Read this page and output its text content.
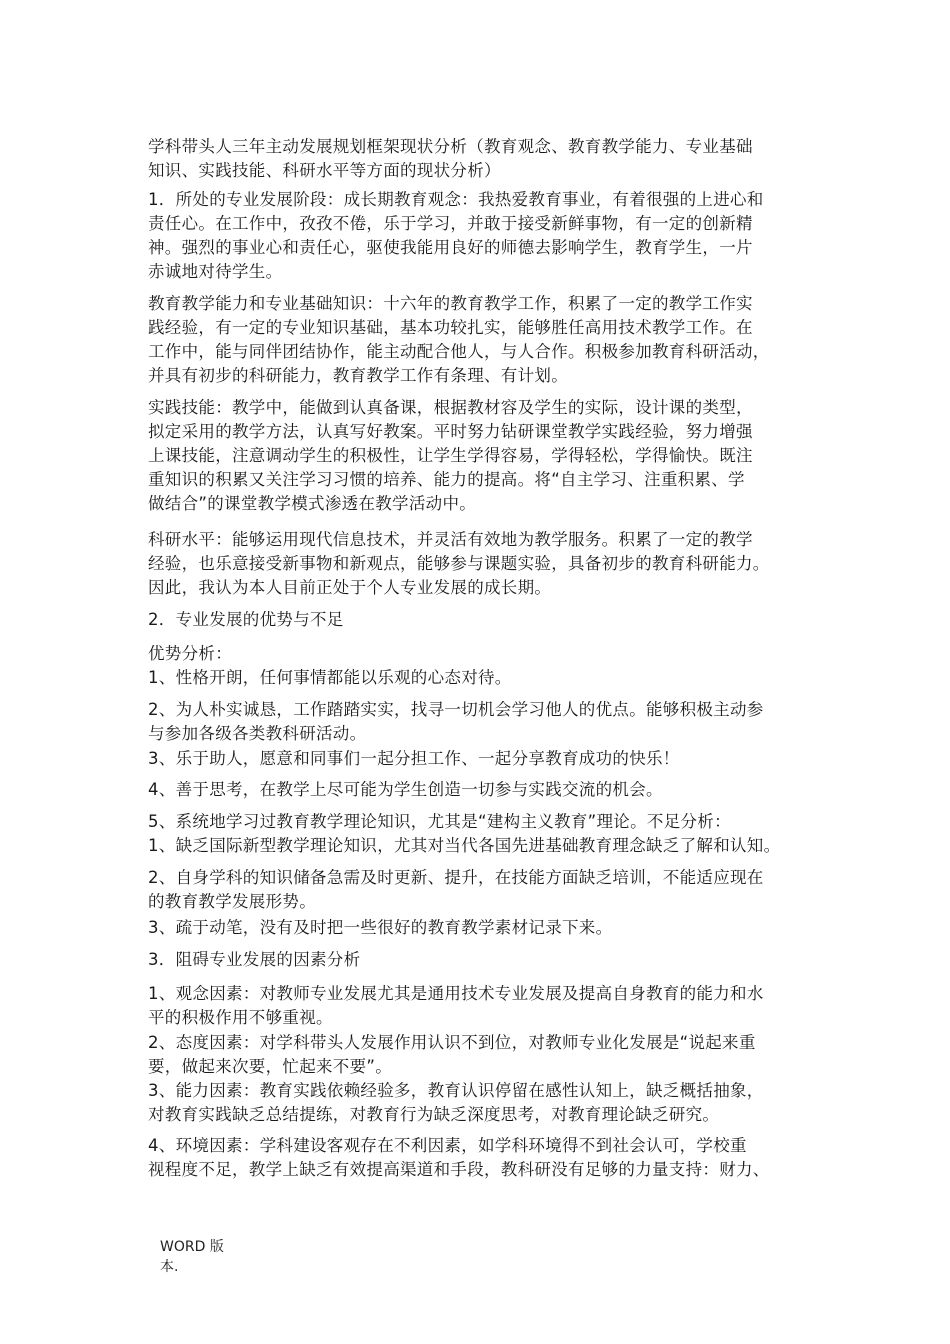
学科带头人三年主动发展规划框架现状分析（教育观念、教育教学能力、专业基础
知识、实践技能、科研水平等方面的现状分析）
1．所处的专业发展阶段：成长期教育观念：我热爱教育事业，有着很强的上进心和
责任心。在工作中，孜孜不倦，乐于学习，并敢于接受新鲜事物，有一定的创新精
神。强烈的事业心和责任心，驱使我能用良好的师德去影响学生，教育学生，一片
赤诚地对待学生。
教育教学能力和专业基础知识：十六年的教育教学工作，积累了一定的教学工作实
践经验，有一定的专业知识基础，基本功较扎实，能够胜任高用技术教学工作。在
工作中，能与同伴团结协作，能主动配合他人，与人合作。积极参加教育科研活动，
并具有初步的科研能力，教育教学工作有条理、有计划。
实践技能：教学中，能做到认真备课，根据教材容及学生的实际，设计课的类型，
拟定采用的教学方法，认真写好教案。平时努力钻研课堂教学实践经验，努力增强
上课技能，注意调动学生的积极性，让学生学得容易，学得轻松，学得愉快。既注
重知识的积累又关注学习习惯的培养、能力的提高。将“自主学习、注重积累、学
做结合”的课堂教学模式渗透在教学活动中。
科研水平：能够运用现代信息技术，并灵活有效地为教学服务。积累了一定的教学
经验，也乐意接受新事物和新观点，能够参与课题实验，具备初步的教育科研能力。
因此，我认为本人目前正处于个人专业发展的成长期。
2．专业发展的优势与不足
优势分析：
1、性格开朗，任何事情都能以乐观的心态对待。
2、为人朴实诚恳，工作踏踏实实，找寻一切机会学习他人的优点。能够积极主动参
与参加各级各类教科研活动。
3、乐于助人，愿意和同事们一起分担工作、一起分享教育成功的快乐！
4、善于思考，在教学上尽可能为学生创造一切参与实践交流的机会。
5、系统地学习过教育教学理论知识，尤其是“建构主义教育”理论。不足分析：
1、缺乏国际新型教学理论知识，尤其对当代各国先进基础教育理念缺乏了解和认知。
2、自身学科的知识储备急需及时更新、提升，在技能方面缺乏培训，不能适应现在
的教育教学发展形势。
3、疏于动笔，没有及时把一些很好的教育教学素材记录下来。
3．阻碍专业发展的因素分析
1、观念因素：对教师专业发展尤其是通用技术专业发展及提高自身教育的能力和水
平的积极作用不够重视。
2、态度因素：对学科带头人发展作用认识不到位，对教师专业化发展是“说起来重
要，做起来次要，忙起来不要”。
3、能力因素：教育实践依赖经验多，教育认识停留在感性认知上，缺乏概括抽象，
对教育实践缺乏总结提练，对教育行为缺乏深度思考，对教育理论缺乏研究。
4、环境因素：学科建设客观存在不利因素，如学科环境得不到社会认可，学校重
视程度不足，教学上缺乏有效提高渠道和手段，教科研没有足够的力量支持：财力、
WORD 版
本.
